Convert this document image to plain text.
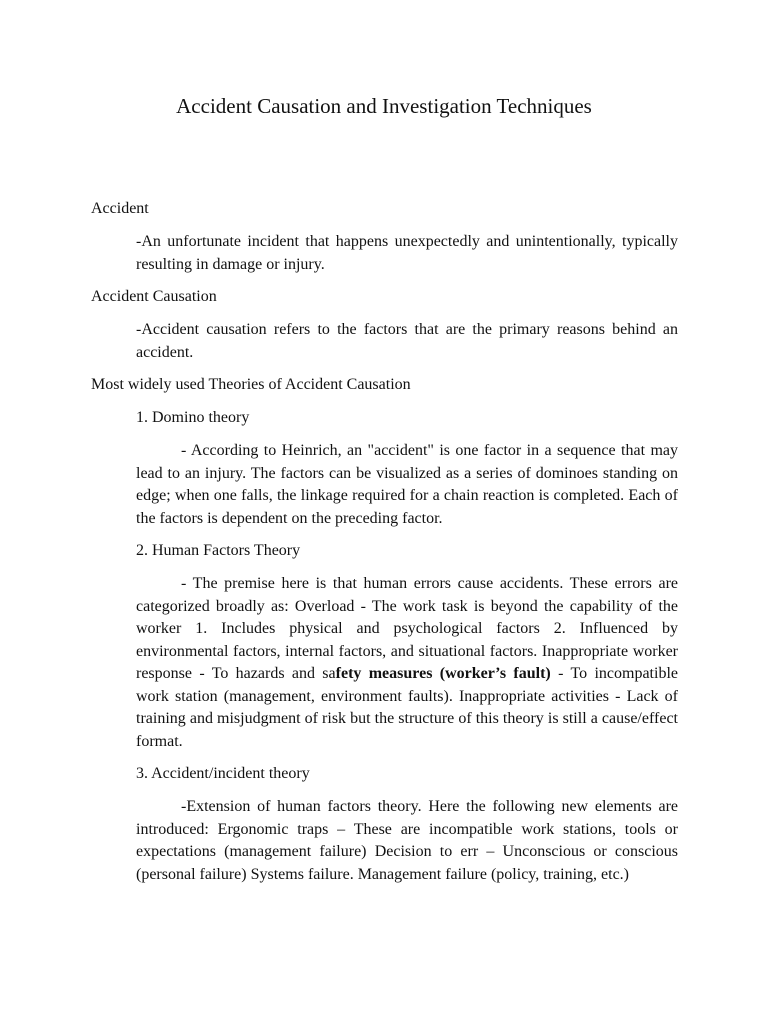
Accident Causation and Investigation Techniques

Accident

-An unfortunate incident that happens unexpectedly and unintentionally, typically resulting in damage or injury.

Accident Causation

-Accident causation refers to the factors that are the primary reasons behind an accident.

Most widely used Theories of Accident Causation

1. Domino theory

- According to Heinrich, an "accident" is one factor in a sequence that may lead to an injury. The factors can be visualized as a series of dominoes standing on edge; when one falls, the linkage required for a chain reaction is completed. Each of the factors is dependent on the preceding factor.

2. Human Factors Theory

- The premise here is that human errors cause accidents. These errors are categorized broadly as: Overload - The work task is beyond the capability of the worker 1. Includes physical and psychological factors 2. Influenced by environmental factors, internal factors, and situational factors. Inappropriate worker response - To hazards and safety measures (worker’s fault) - To incompatible work station (management, environment faults). Inappropriate activities - Lack of training and misjudgment of risk but the structure of this theory is still a cause/effect format.

3. Accident/incident theory

-Extension of human factors theory. Here the following new elements are introduced: Ergonomic traps – These are incompatible work stations, tools or expectations (management failure) Decision to err – Unconscious or conscious (personal failure) Systems failure. Management failure (policy, training, etc.)
